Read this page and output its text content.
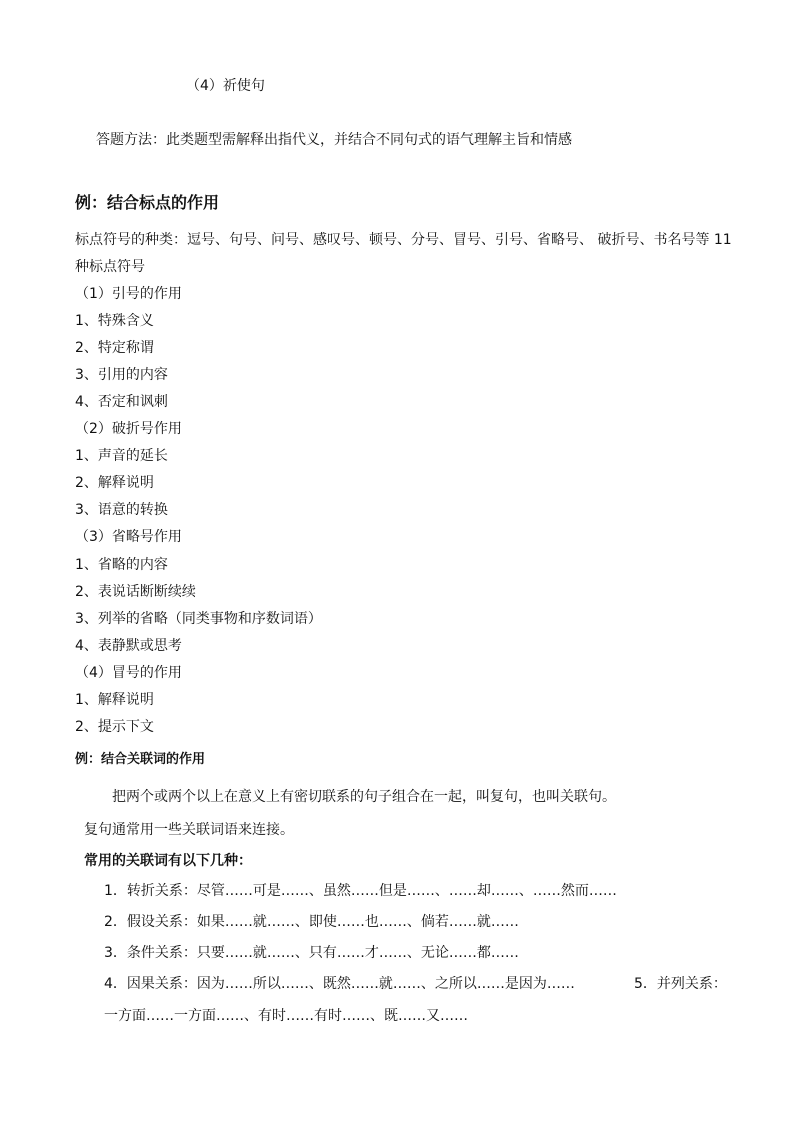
（4）祈使句
答题方法：此类题型需解释出指代义，并结合不同句式的语气理解主旨和情感
例：结合标点的作用
标点符号的种类：逗号、句号、问号、感叹号、顿号、分号、冒号、引号、省略号、 破折号、书名号等 11
种标点符号
（1）引号的作用
1、特殊含义
2、特定称谓
3、引用的内容
4、否定和讽刺
（2）破折号作用
1、声音的延长
2、解释说明
3、语意的转换
（3）省略号作用
1、省略的内容
2、表说话断断续续
3、列举的省略（同类事物和序数词语）
4、表静默或思考
（4）冒号的作用
1、解释说明
2、提示下文
例：结合关联词的作用
把两个或两个以上在意义上有密切联系的句子组合在一起，叫复句，也叫关联句。
复句通常用一些关联词语来连接。
常用的关联词有以下几种：
1．转折关系：尽管……可是……、虽然……但是……、……却……、……然而……
2．假设关系：如果……就……、即使……也……、倘若……就……
3．条件关系：只要……就……、只有……才……、无论……都……
4．因果关系：因为……所以……、既然……就……、之所以……是因为……	5．并列关系：
一方面……一方面……、有时……有时……、既……又……
